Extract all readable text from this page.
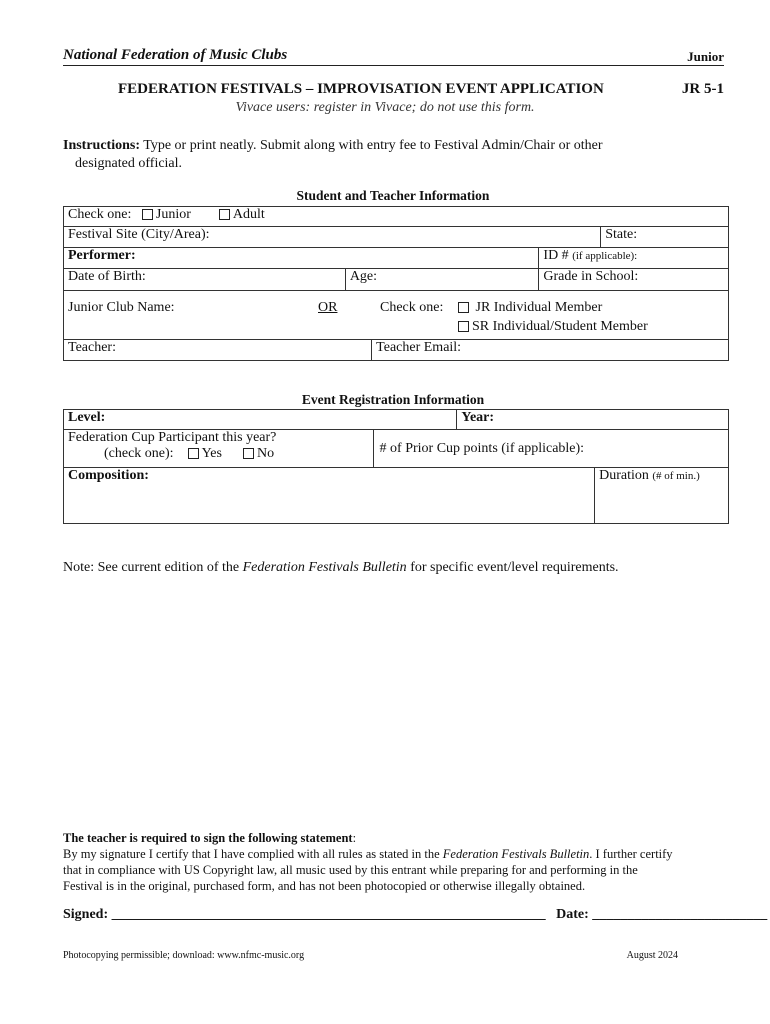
National Federation of Music Clubs	Junior
FEDERATION FESTIVALS – IMPROVISATION EVENT APPLICATION	JR 5-1
Vivace users: register in Vivace; do not use this form.
Instructions: Type or print neatly. Submit along with entry fee to Festival Admin/Chair or other
designated official.
Student and Teacher Information
Check one: Junior Adult				
Festival Site (City/Area):				State:
Performer:			ID # (if applicable):	
Date of Birth:	Age:		Grade in School:	

Junior Club Name: OR Check one: JR Individual Member
SR Individual/Student Member				

Teacher:		Teacher Email:		
Event Registration Information
Level:		Year:	
Federation Cup Participant this year?
(check one): Yes No	# of Prior Cup points (if applicable):		
Composition:			Duration (# of min.)
Note: See current edition of the Federation Festivals Bulletin for specific event/level requirements.
The teacher is required to sign the following statement:
By my signature I certify that I have complied with all rules as stated in the Federation Festivals Bulletin. I further certify
that in compliance with US Copyright law, all music used by this entrant while preparing for and performing in the
Festival is in the original, purchased form, and has not been photocopied or otherwise illegally obtained.
Signed: ______________________________________________________________ Date: _________________________
Photocopying permissible; download: www.nfmc-music.org	August 2024
